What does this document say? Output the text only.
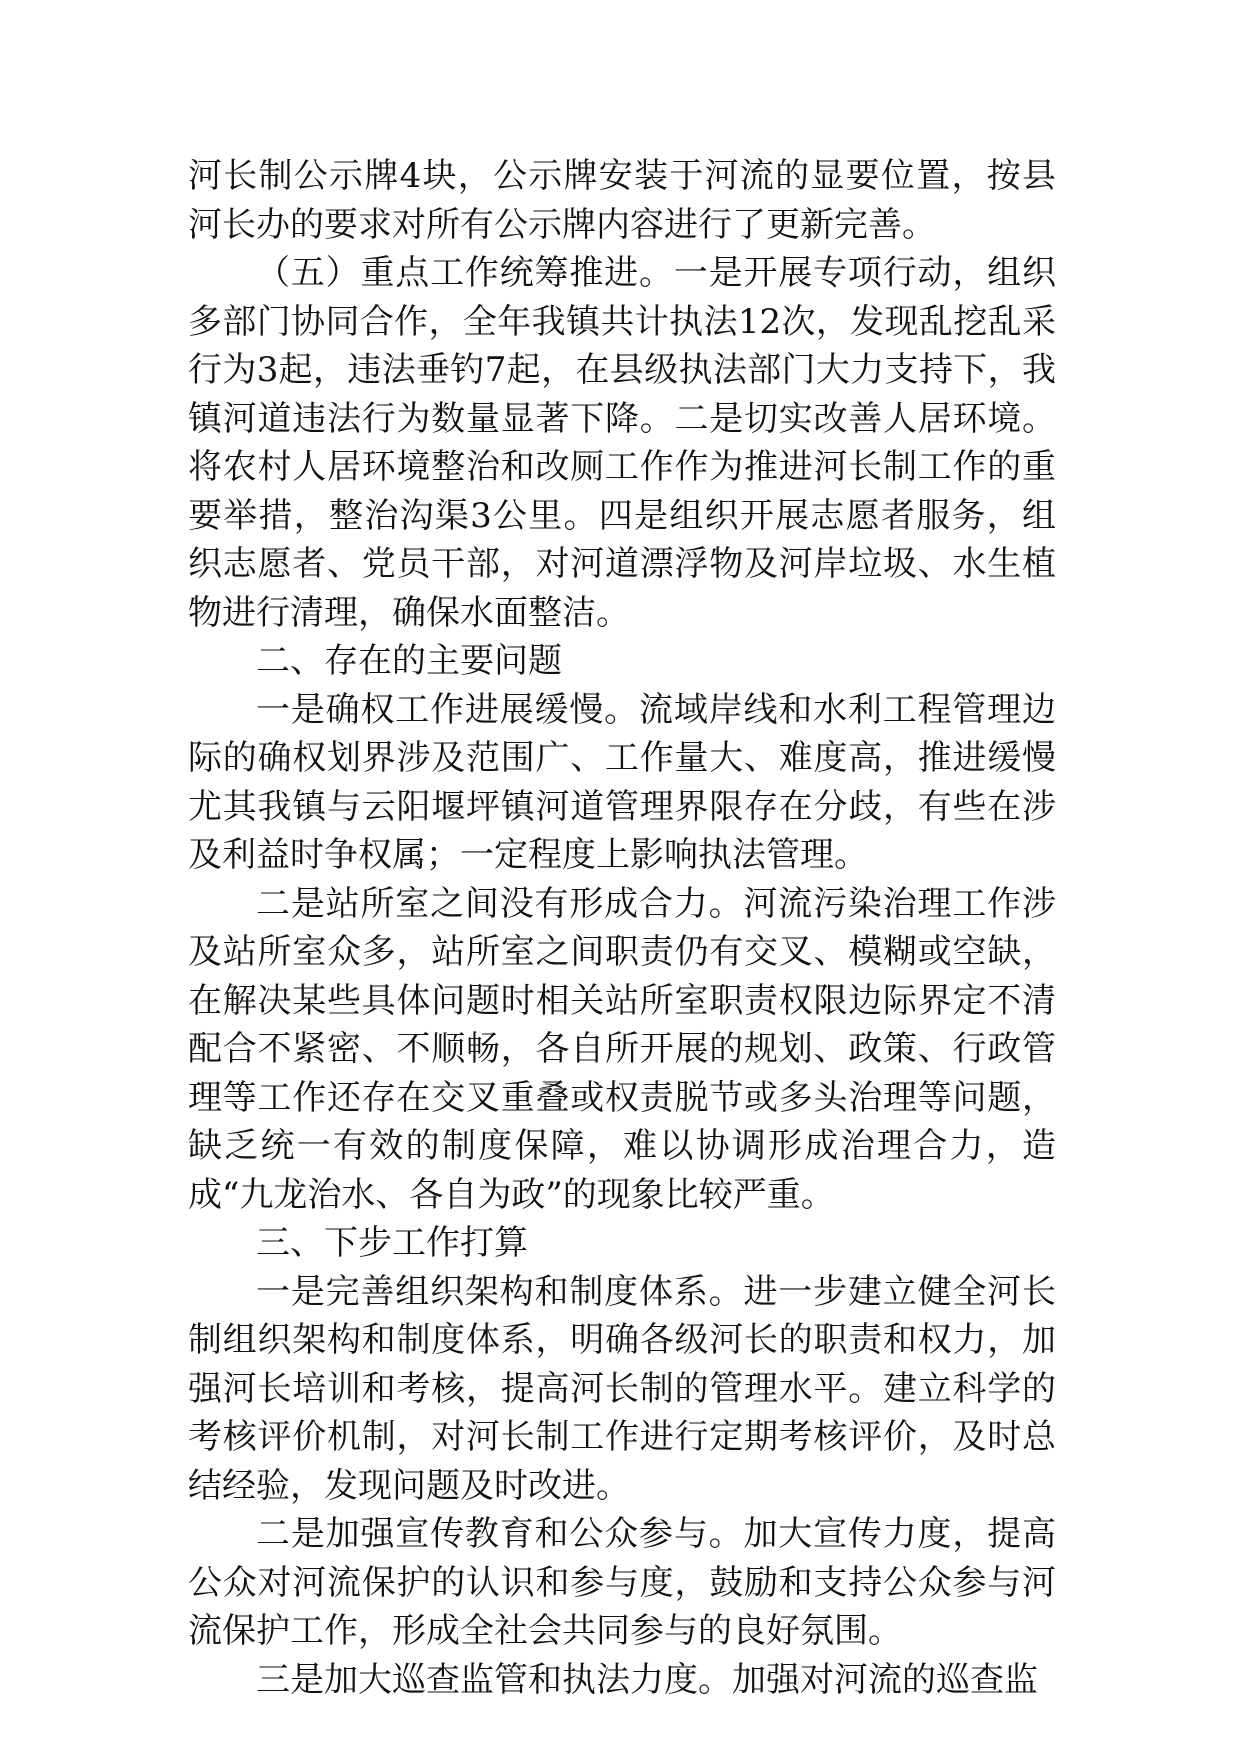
河长制公示牌4块，公示牌安装于河流的显要位置，按县河长办的要求对所有公示牌内容进行了更新完善。

（五）重点工作统筹推进。一是开展专项行动，组织多部门协同合作，全年我镇共计执法12次，发现乱挖乱采行为3起，违法垂钓7起，在县级执法部门大力支持下，我镇河道违法行为数量显著下降。二是切实改善人居环境。将农村人居环境整治和改厕工作作为推进河长制工作的重要举措，整治沟渠3公里。四是组织开展志愿者服务，组织志愿者、党员干部，对河道漂浮物及河岸垃圾、水生植物进行清理，确保水面整洁。

二、存在的主要问题

一是确权工作进展缓慢。流域岸线和水利工程管理边际的确权划界涉及范围广、工作量大、难度高，推进缓慢尤其我镇与云阳堰坪镇河道管理界限存在分歧，有些在涉及利益时争权属；一定程度上影响执法管理。

二是站所室之间没有形成合力。河流污染治理工作涉及站所室众多，站所室之间职责仍有交叉、模糊或空缺，在解决某些具体问题时相关站所室职责权限边际界定不清配合不紧密、不顺畅，各自所开展的规划、政策、行政管理等工作还存在交叉重叠或权责脱节或多头治理等问题，缺乏统一有效的制度保障，难以协调形成治理合力，造成“九龙治水、各自为政”的现象比较严重。

三、下步工作打算

一是完善组织架构和制度体系。进一步建立健全河长制组织架构和制度体系，明确各级河长的职责和权力，加强河长培训和考核，提高河长制的管理水平。建立科学的考核评价机制，对河长制工作进行定期考核评价，及时总结经验，发现问题及时改进。

二是加强宣传教育和公众参与。加大宣传力度，提高公众对河流保护的认识和参与度，鼓励和支持公众参与河流保护工作，形成全社会共同参与的良好氛围。

三是加大巡查监管和执法力度。加强对河流的巡查监
